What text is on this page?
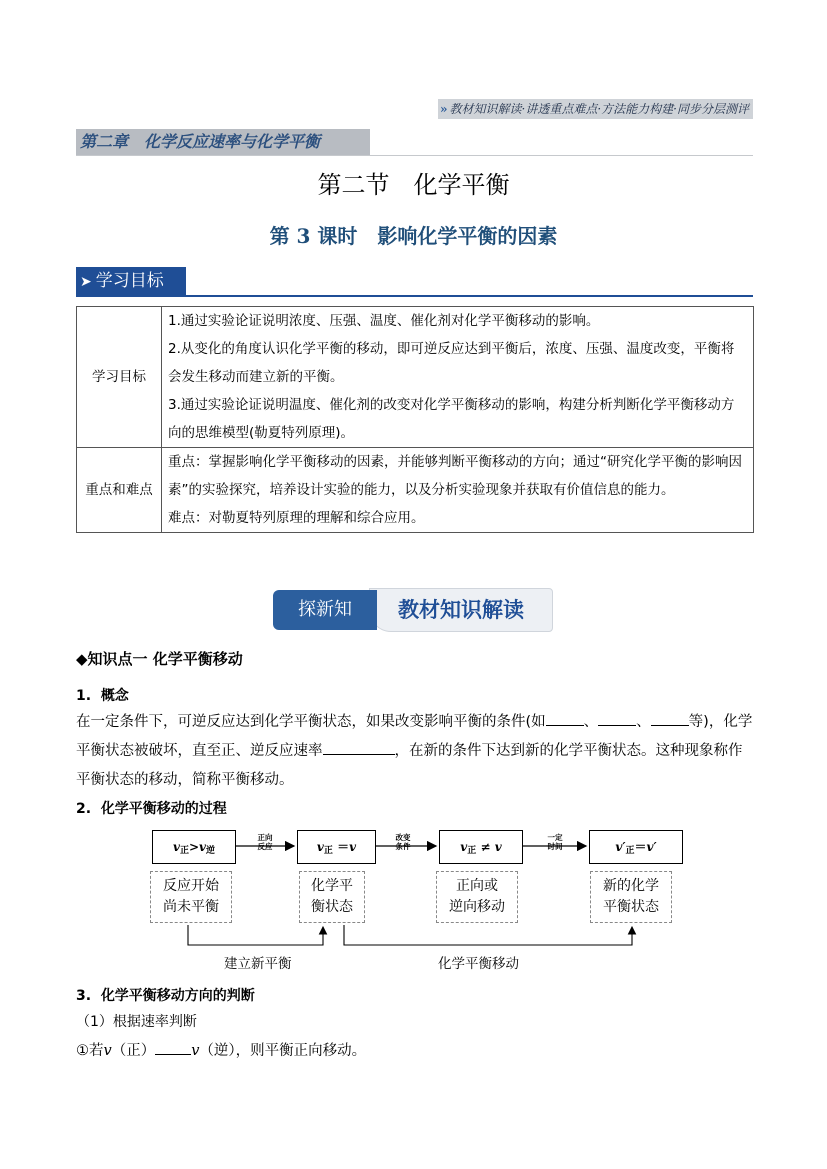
» 教材知识解读·讲透重点难点·方法能力构建·同步分层测评
第二章　化学反应速率与化学平衡
第二节　化学平衡
第 3 课时　影响化学平衡的因素
➤ 学习目标
学习目标	1.通过实验论证说明浓度、压强、温度、催化剂对化学平衡移动的影响。
2.从变化的角度认识化学平衡的移动，即可逆反应达到平衡后，浓度、压强、温度改变，平衡将会发生移动而建立新的平衡。
3.通过实验论证说明温度、催化剂的改变对化学平衡移动的影响，构建分析判断化学平衡移动方向的思维模型(勒夏特列原理)。

重点和难点	重点：掌握影响化学平衡移动的因素，并能够判断平衡移动的方向；通过“研究化学平衡的影响因素”的实验探究，培养设计实验的能力，以及分析实验现象并获取有价值信息的能力。
难点：对勒夏特列原理的理解和综合应用。
教材知识解读
探新知
◆知识点一 化学平衡移动
1. 概念
在一定条件下，可逆反应达到化学平衡状态，如果改变影响平衡的条件(如	、	、	等)，化学平衡状态被破坏，直至正、逆反应速率	，在新的条件下达到新的化学平衡状态。这种现象称作平衡状态的移动，简称平衡移动。
2. 化学平衡移动的过程
$v_正>v_逆$
正向
反应	$v_正 =v$
改变
条件	$v_正 \ne v$
一定
时间	$v'_正=v'$
反应开始
尚未平衡
化学平
衡状态
正向或
逆向移动
新的化学
平衡状态
建立新平衡	化学平衡移动
3. 化学平衡移动方向的判断
（1）根据速率判断
①若v（正） v（逆），则平衡正向移动。
